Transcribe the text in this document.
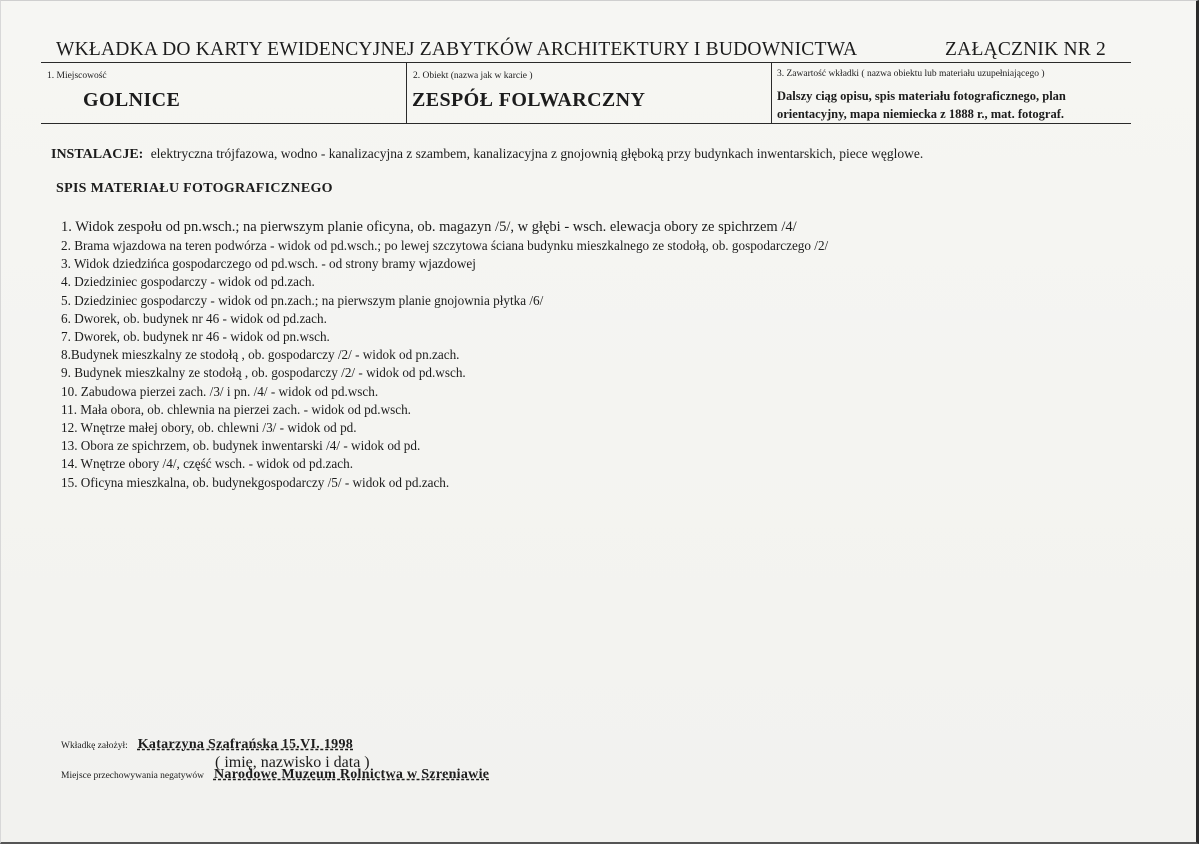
WKŁADKA DO KARTY EWIDENCYJNEJ ZABYTKÓW ARCHITEKTURY I BUDOWNICTWA	ZAŁĄCZNIK NR 2
1. Miejscowość
GOLNICE
2. Obiekt (nazwa jak w karcie )
ZESPÓŁ FOLWARCZNY
3. Zawartość wkładki ( nazwa obiektu lub materiału uzupełniającego )
Dalszy ciąg opisu, spis materiału fotograficznego, plan
orientacyjny, mapa niemiecka z 1888 r., mat. fotograf.
INSTALACJE: elektryczna trójfazowa, wodno - kanalizacyjna z szambem, kanalizacyjna z gnojownią głęboką przy budynkach inwentarskich, piece węglowe.
SPIS MATERIAŁU FOTOGRAFICZNEGO
1. Widok zespołu od pn.wsch.; na pierwszym planie oficyna, ob. magazyn /5/, w głębi - wsch. elewacja obory ze spichrzem /4/
2. Brama wjazdowa na teren podwórza - widok od pd.wsch.; po lewej szczytowa ściana budynku mieszkalnego ze stodołą, ob. gospodarczego /2/
3. Widok dziedzińca gospodarczego od pd.wsch. - od strony bramy wjazdowej
4. Dziedziniec gospodarczy - widok od pd.zach.
5. Dziedziniec gospodarczy - widok od pn.zach.; na pierwszym planie gnojownia płytka /6/
6. Dworek, ob. budynek nr 46 - widok od pd.zach.
7. Dworek, ob. budynek nr 46 - widok od pn.wsch.
8.Budynek mieszkalny ze stodołą , ob. gospodarczy /2/ - widok od pn.zach.
9. Budynek mieszkalny ze stodołą , ob. gospodarczy /2/ - widok od pd.wsch.
10. Zabudowa pierzei zach. /3/ i pn. /4/ - widok od pd.wsch.
11. Mała obora, ob. chlewnia na pierzei zach. - widok od pd.wsch.
12. Wnętrze małej obory, ob. chlewni /3/ - widok od pd.
13. Obora ze spichrzem, ob. budynek inwentarski /4/ - widok od pd.
14. Wnętrze obory /4/, część wsch. - widok od pd.zach.
15. Oficyna mieszkalna, ob. budynekgospodarczy /5/ - widok od pd.zach.
Wkładkę założył: Katarzyna Szafrańska 15.VI. 1998
( imię, nazwisko i data )
Miejsce przechowywania negatywów Narodowe Muzeum Rolnictwa w Szreniawie
